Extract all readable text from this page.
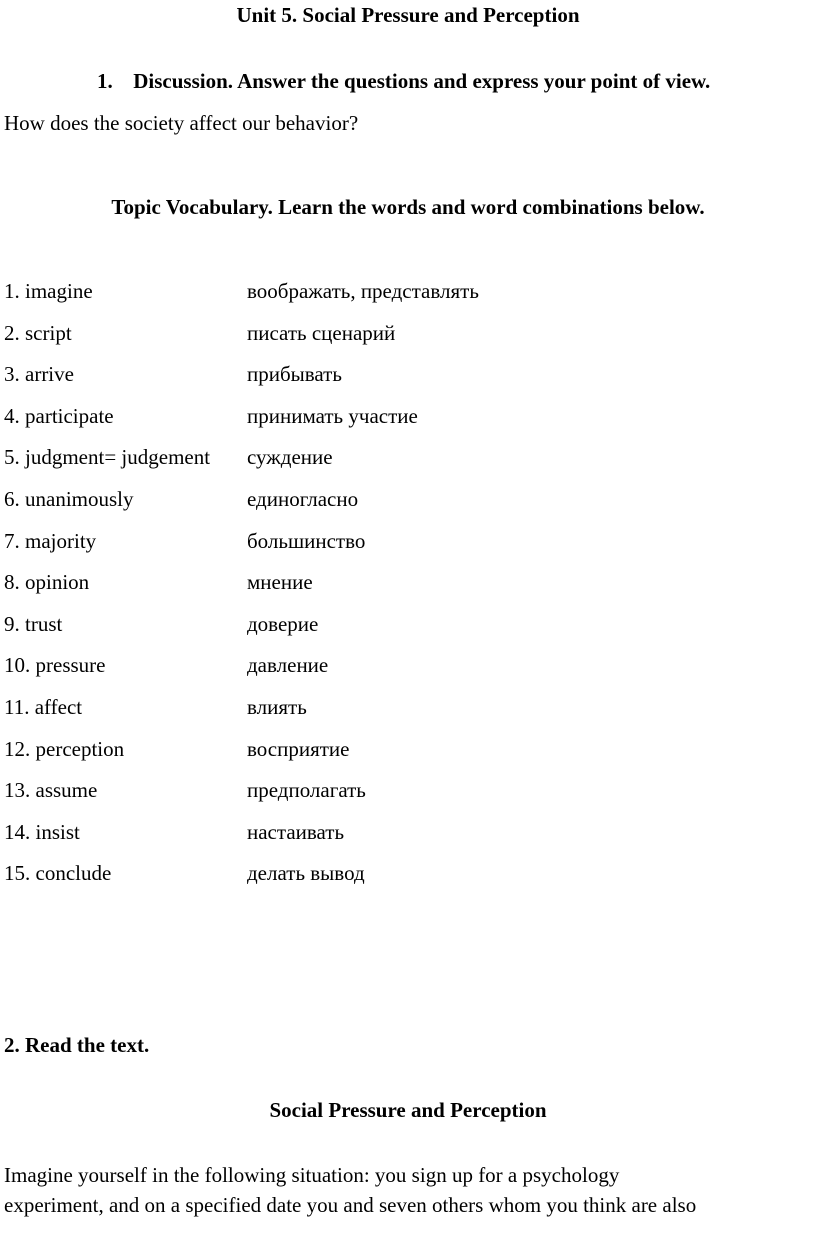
Unit 5. Social Pressure and Perception
1. Discussion. Answer the questions and express your point of view.
How does the society affect our behavior?
Topic Vocabulary. Learn the words and word combinations below.
1. imagine	воображать, представлять
2. script	писать сценарий
3. arrive	прибывать
4. participate	принимать участие
5. judgment= judgement суждение
6. unanimously	единогласно
7. majority	большинство
8. opinion	мнение
9. trust	доверие
10. pressure	давление
11. affect	влиять
12. perception	восприятие
13. assume	предполагать
14. insist	настаивать
15. conclude	делать вывод
2. Read the text.
Social Pressure and Perception
Imagine yourself in the following situation: you sign up for a psychology
experiment, and on a specified date you and seven others whom you think are also
